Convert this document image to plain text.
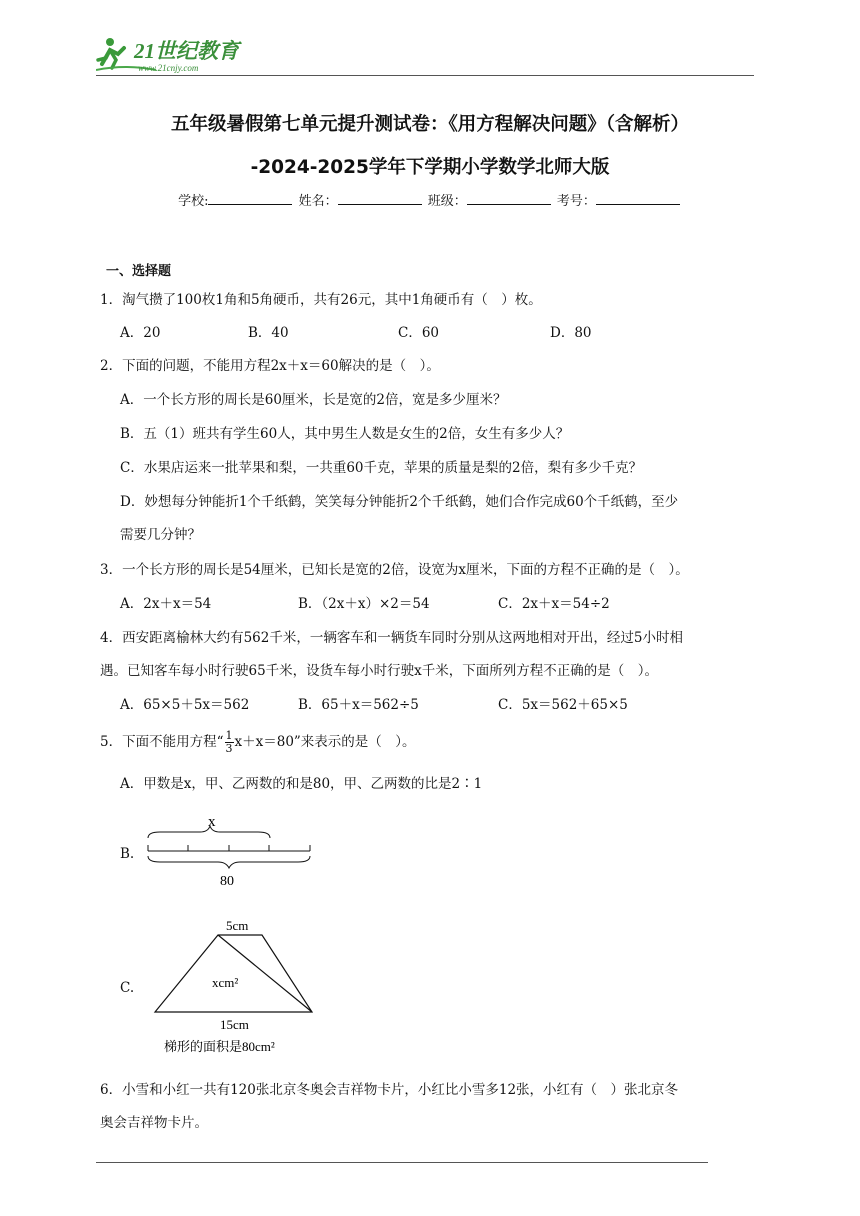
21世纪教育
www.21cnjy.com
五年级暑假第七单元提升测试卷：《用方程解决问题》（含解析）
-2024-2025学年下学期小学数学北师大版
学校:	姓名：	班级：	考号：
一、选择题
1．淘气攒了100枚1角和5角硬币，共有26元，其中1角硬币有（　）枚。
A．20	B．40	C．60	D．80
2．下面的问题，不能用方程2x＋x＝60解决的是（　）。
A．一个长方形的周长是60厘米，长是宽的2倍，宽是多少厘米？
B．五（1）班共有学生60人，其中男生人数是女生的2倍，女生有多少人？
C．水果店运来一批苹果和梨，一共重60千克，苹果的质量是梨的2倍，梨有多少千克？
D．妙想每分钟能折1个千纸鹤，笑笑每分钟能折2个千纸鹤，她们合作完成60个千纸鹤，至少
需要几分钟？
3．一个长方形的周长是54厘米，已知长是宽的2倍，设宽为x厘米，下面的方程不正确的是（　）。
A．2x＋x＝54	B．（2x＋x）×2＝54	C．2x＋x＝54÷2
4．西安距离榆林大约有562千米，一辆客车和一辆货车同时分别从这两地相对开出，经过5小时相
遇。已知客车每小时行驶65千米，设货车每小时行驶x千米，下面所列方程不正确的是（　）。
A．65×5＋5x＝562	B．65＋x＝562÷5	C．5x＝562＋65×5
5．下面不能用方程“ $\frac{1}{3} x+x=80$”来表示的是（　）。
A．甲数是x，甲、乙两数的和是80，甲、乙两数的比是2∶1
B.
x
80
C.
5cm
xcm²
15cm
梯形的面积是80cm²
6．小雪和小红一共有120张北京冬奥会吉祥物卡片，小红比小雪多12张，小红有（　）张北京冬
奥会吉祥物卡片。
